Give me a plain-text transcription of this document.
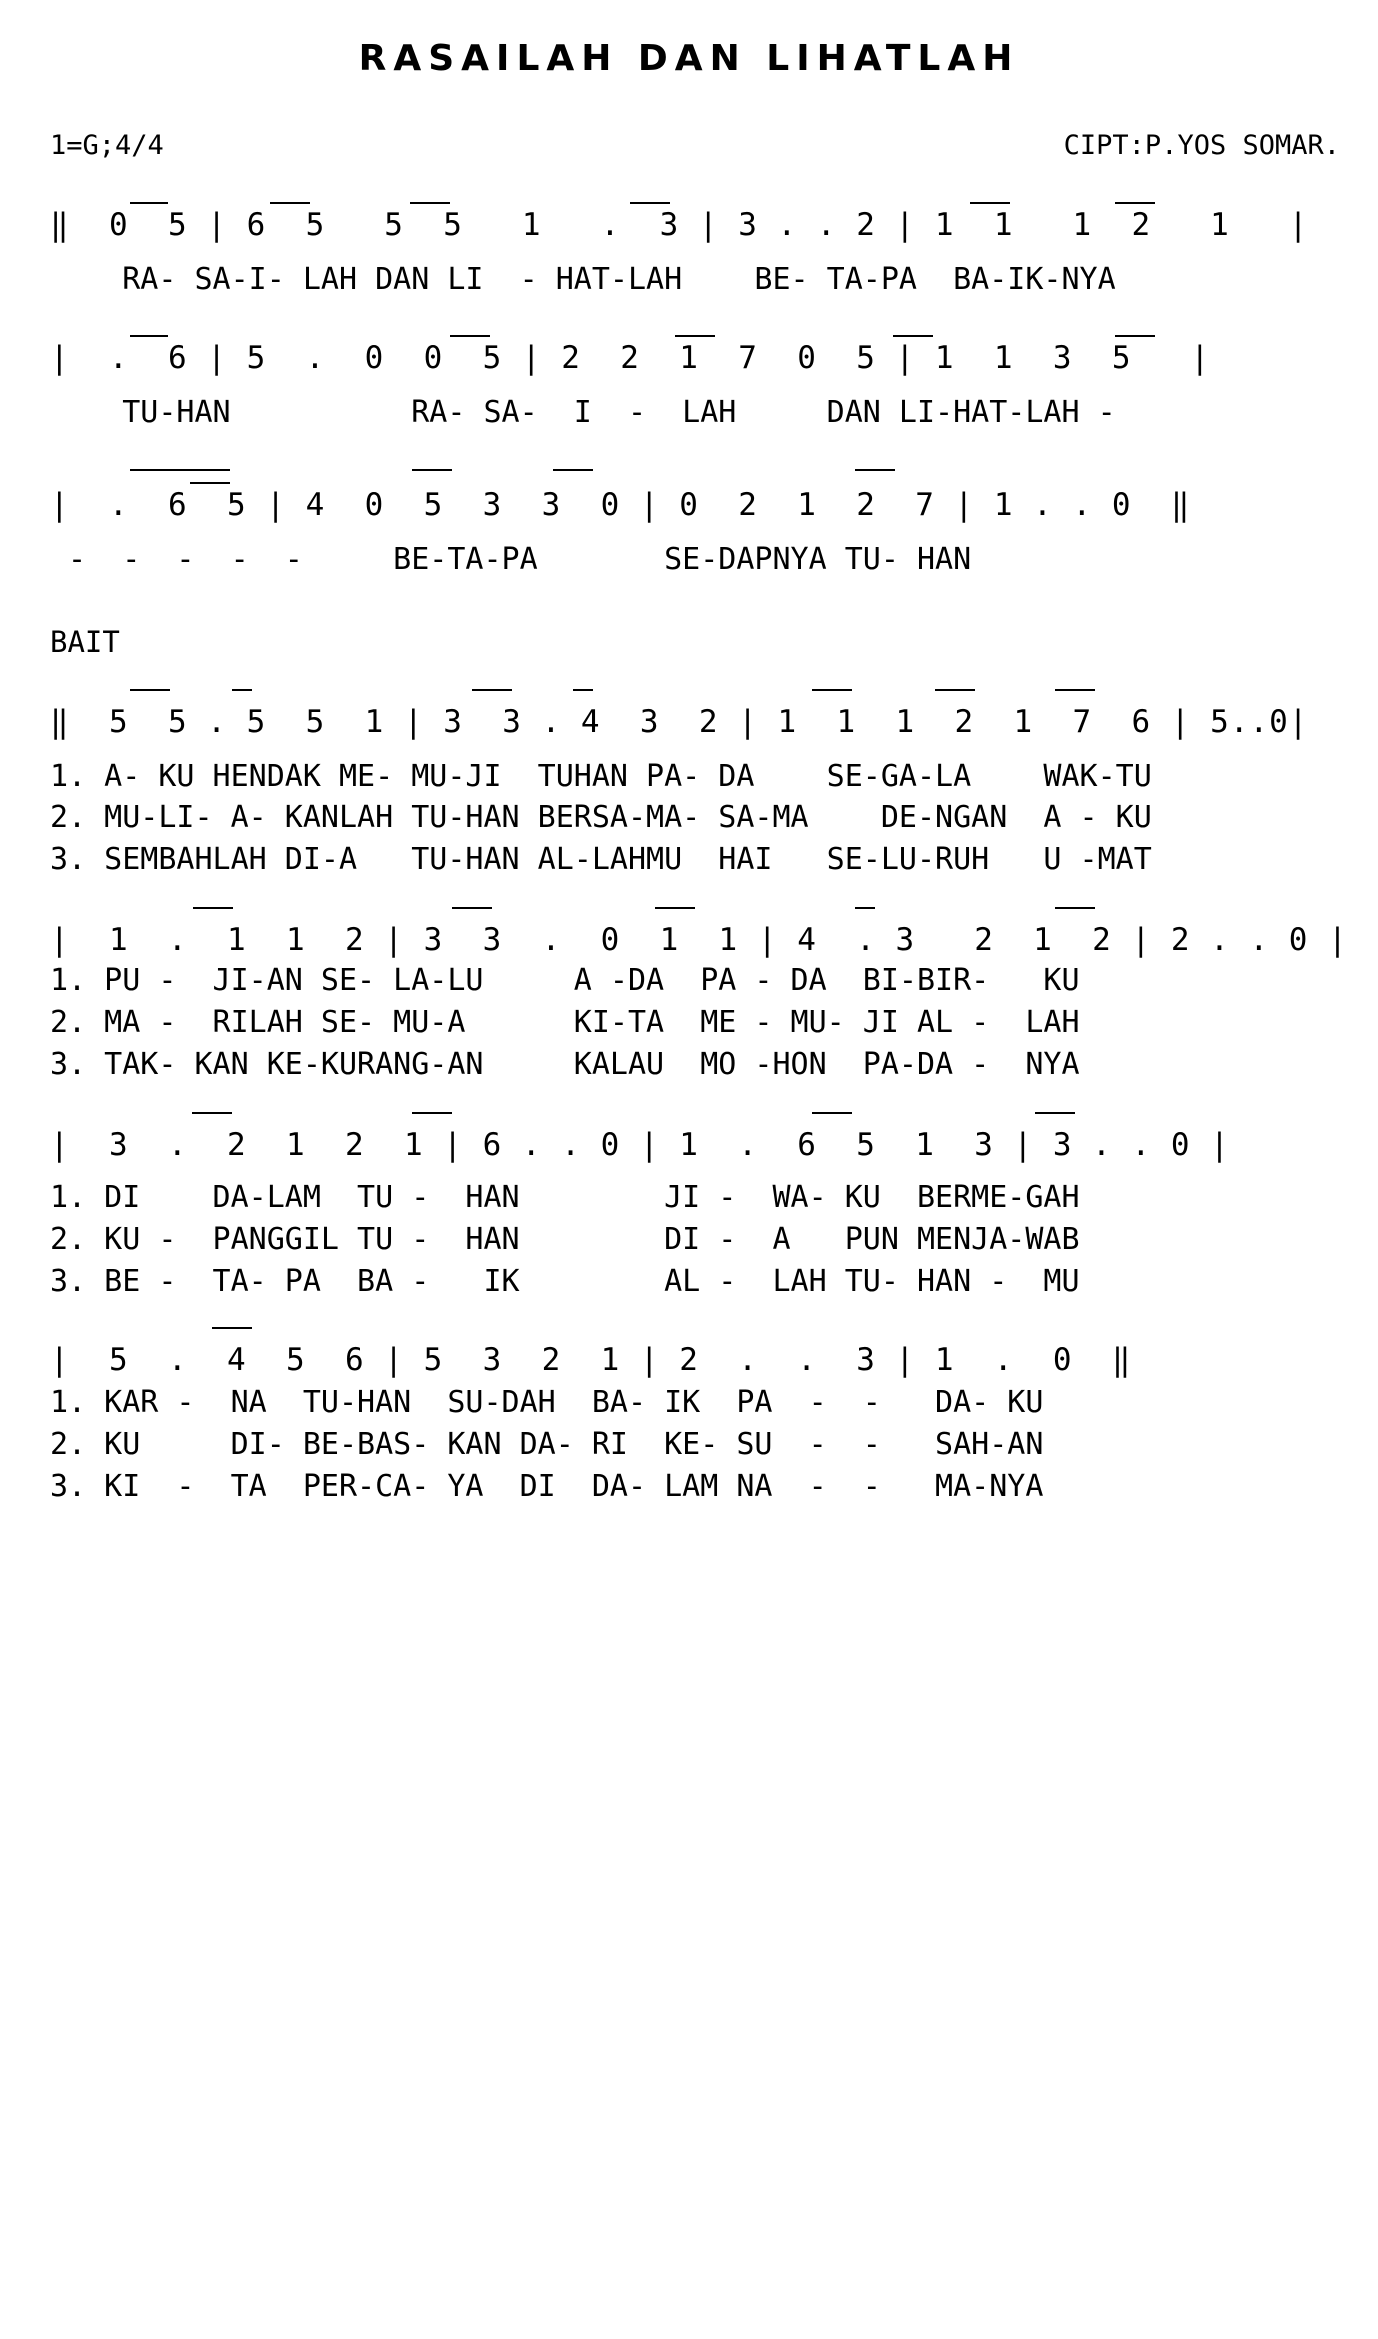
RASAILAH DAN LIHATLAH
1=G;4/4	CIPT:P.YOS SOMAR.
‖  0  5 | 6  5   5  5   1   .  3 | 3 . . 2 | 1  1   1  2   1   |
RA- SA-I- LAH DAN LI  - HAT-LAH    BE- TA-PA  BA-IK-NYA
|  .  6 | 5  .  0  0  5 | 2  2  1  7  0  5 | 1  1  3  5   |
TU-HAN          RA- SA-  I  -  LAH     DAN LI-HAT-LAH -
|  .  6  5 | 4  0  5  3  3  0 | 0  2  1  2  7 | 1 . . 0  ‖
-  -  -  -  -     BE-TA-PA       SE-DAPNYA TU- HAN
BAIT
‖  5  5 . 5  5  1 | 3  3 . 4  3  2 | 1  1  1  2  1  7  6 | 5..0|
1. A- KU HENDAK ME- MU-JI  TUHAN PA- DA    SE-GA-LA    WAK-TU
2. MU-LI- A- KANLAH TU-HAN BERSA-MA- SA-MA    DE-NGAN  A - KU
3. SEMBAHLAH DI-A   TU-HAN AL-LAHMU  HAI   SE-LU-RUH   U -MAT
|  1  .  1  1  2 | 3  3  .  0  1  1 | 4  . 3   2  1  2 | 2 . . 0 |
1. PU -  JI-AN SE- LA-LU     A -DA  PA - DA  BI-BIR-   KU
2. MA -  RILAH SE- MU-A      KI-TA  ME - MU- JI AL -  LAH
3. TAK- KAN KE-KURANG-AN     KALAU  MO -HON  PA-DA -  NYA
|  3  .  2  1  2  1 | 6 . . 0 | 1  .  6  5  1  3 | 3 . . 0 |
1. DI    DA-LAM  TU -  HAN        JI -  WA- KU  BERME-GAH
2. KU -  PANGGIL TU -  HAN        DI -  A   PUN MENJA-WAB
3. BE -  TA- PA  BA -   IK        AL -  LAH TU- HAN -  MU
|  5  .  4  5  6 | 5  3  2  1 | 2  .  .  3 | 1  .  0  ‖
1. KAR -  NA  TU-HAN  SU-DAH  BA- IK  PA  -  -   DA- KU
2. KU     DI- BE-BAS- KAN DA- RI  KE- SU  -  -   SAH-AN
3. KI  -  TA  PER-CA- YA  DI  DA- LAM NA  -  -   MA-NYA
